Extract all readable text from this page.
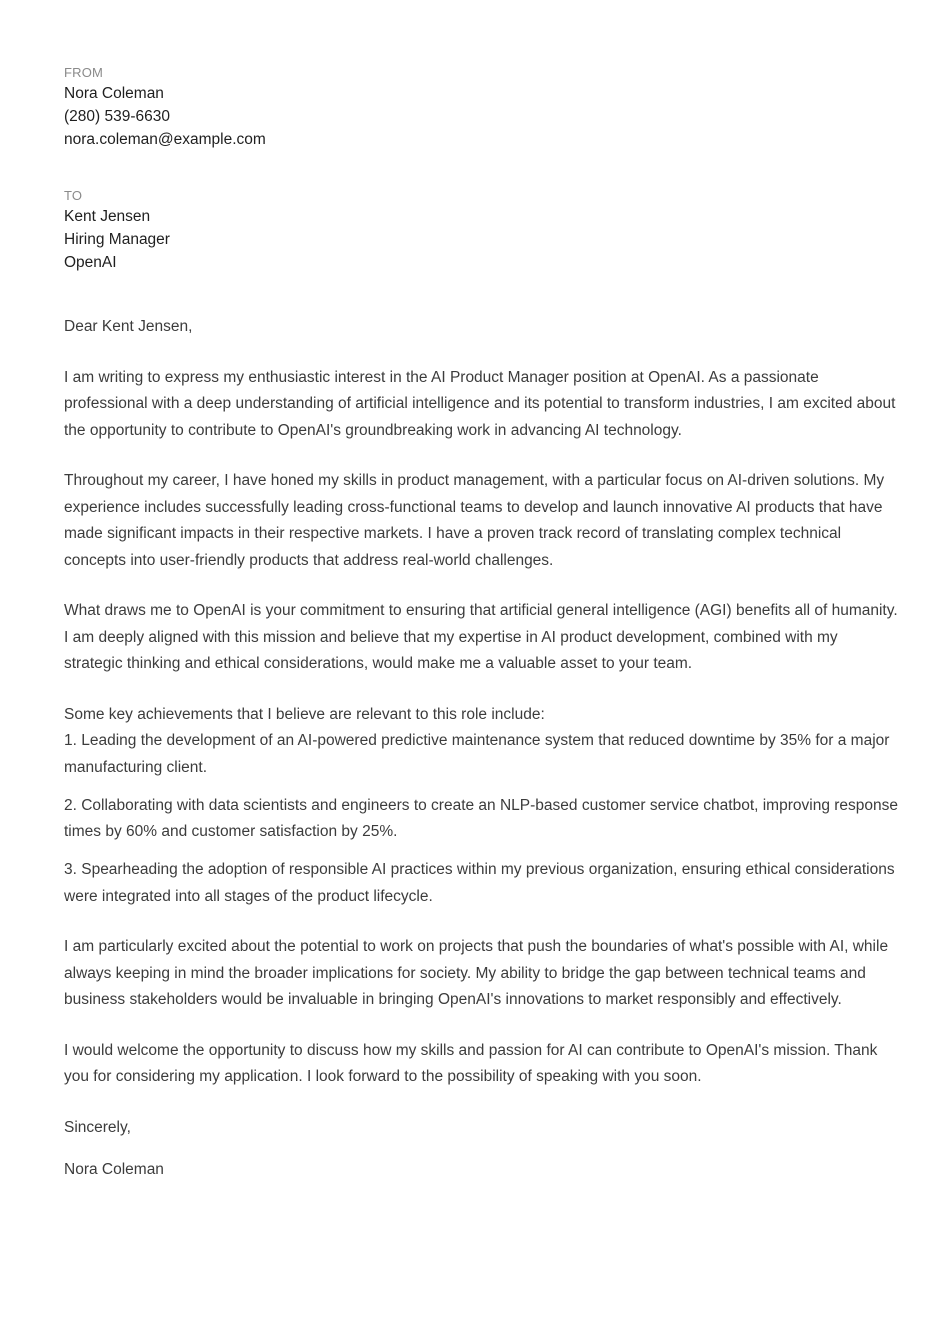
FROM

Nora Coleman

(280) 539-6630

nora.coleman@example.com

TO

Kent Jensen

Hiring Manager

OpenAI

Dear Kent Jensen,

I am writing to express my enthusiastic interest in the AI Product Manager position at OpenAI. As a passionate professional with a deep understanding of artificial intelligence and its potential to transform industries, I am excited about the opportunity to contribute to OpenAI's groundbreaking work in advancing AI technology.

Throughout my career, I have honed my skills in product management, with a particular focus on AI-driven solutions. My experience includes successfully leading cross-functional teams to develop and launch innovative AI products that have made significant impacts in their respective markets. I have a proven track record of translating complex technical concepts into user-friendly products that address real-world challenges.

What draws me to OpenAI is your commitment to ensuring that artificial general intelligence (AGI) benefits all of humanity. I am deeply aligned with this mission and believe that my expertise in AI product development, combined with my strategic thinking and ethical considerations, would make me a valuable asset to your team.

Some key achievements that I believe are relevant to this role include:

1. Leading the development of an AI-powered predictive maintenance system that reduced downtime by 35% for a major manufacturing client.

2. Collaborating with data scientists and engineers to create an NLP-based customer service chatbot, improving response times by 60% and customer satisfaction by 25%.

3. Spearheading the adoption of responsible AI practices within my previous organization, ensuring ethical considerations were integrated into all stages of the product lifecycle.

I am particularly excited about the potential to work on projects that push the boundaries of what's possible with AI, while always keeping in mind the broader implications for society. My ability to bridge the gap between technical teams and business stakeholders would be invaluable in bringing OpenAI's innovations to market responsibly and effectively.

I would welcome the opportunity to discuss how my skills and passion for AI can contribute to OpenAI's mission. Thank you for considering my application. I look forward to the possibility of speaking with you soon.

Sincerely,

Nora Coleman
